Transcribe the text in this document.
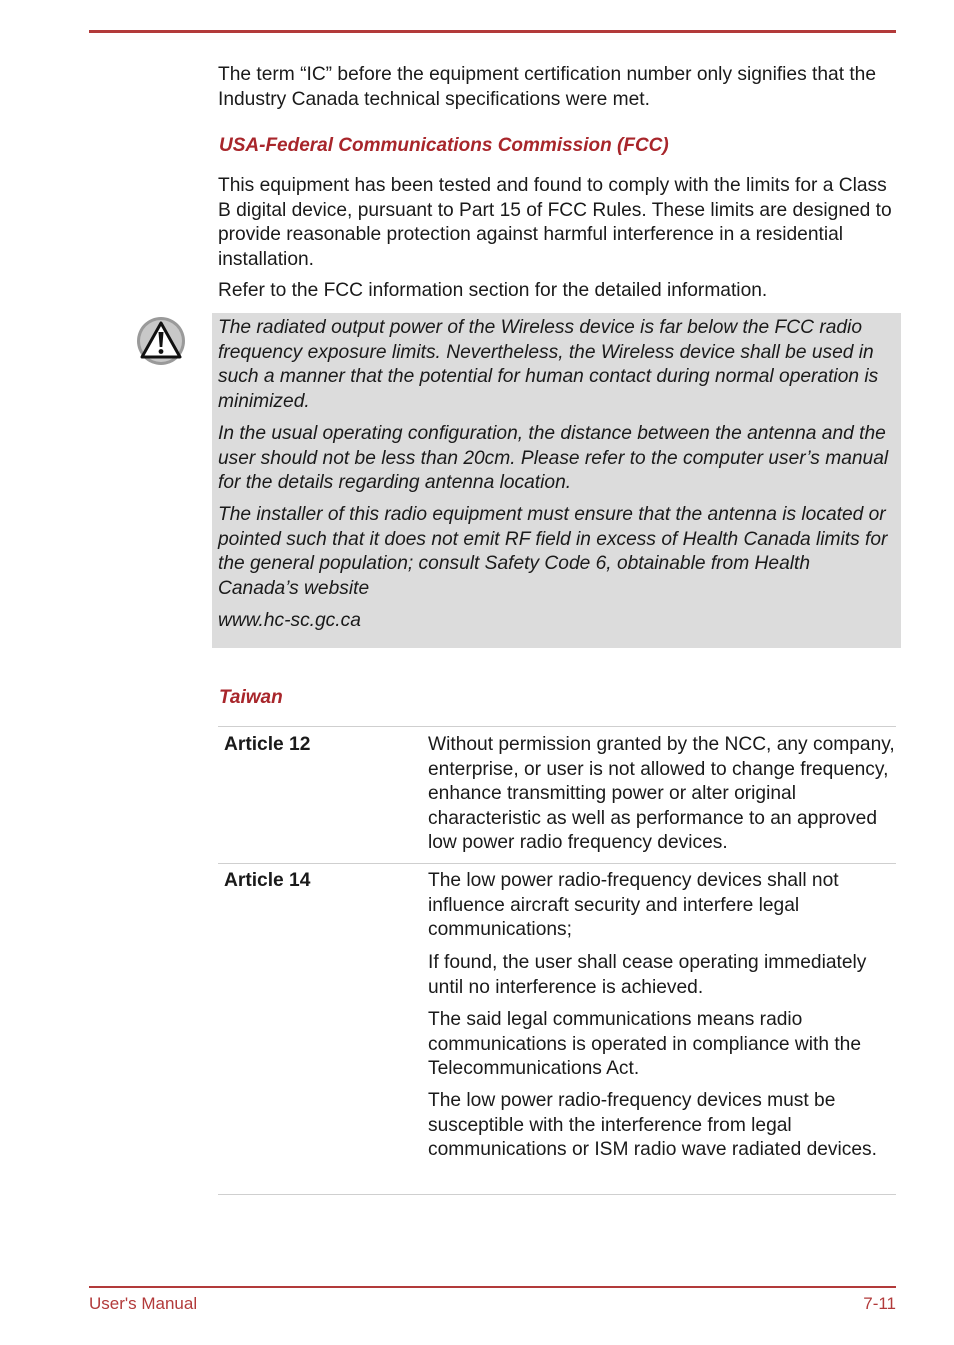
The term “IC” before the equipment certification number only signifies that the Industry Canada technical specifications were met.

USA-Federal Communications Commission (FCC)

This equipment has been tested and found to comply with the limits for a Class B digital device, pursuant to Part 15 of FCC Rules. These limits are designed to provide reasonable protection against harmful interference in a residential installation.

Refer to the FCC information section for the detailed information.

The radiated output power of the Wireless device is far below the FCC radio frequency exposure limits. Nevertheless, the Wireless device shall be used in such a manner that the potential for human contact during normal operation is minimized.

In the usual operating configuration, the distance between the antenna and the user should not be less than 20cm. Please refer to the computer user’s manual for the details regarding antenna location.

The installer of this radio equipment must ensure that the antenna is located or pointed such that it does not emit RF field in excess of Health Canada limits for the general population; consult Safety Code 6, obtainable from Health Canada’s website

www.hc-sc.gc.ca

Taiwan

Article 12	Without permission granted by the NCC, any company, enterprise, or user is not allowed to change frequency, enhance transmitting power or alter original characteristic as well as performance to an approved low power radio frequency devices.

Article 14	The low power radio-frequency devices shall not influence aircraft security and interfere legal communications;

If found, the user shall cease operating immediately until no interference is achieved.

The said legal communications means radio communications is operated in compliance with the Telecommunications Act.

The low power radio-frequency devices must be susceptible with the interference from legal communications or ISM radio wave radiated devices.

User's Manual	7-11
